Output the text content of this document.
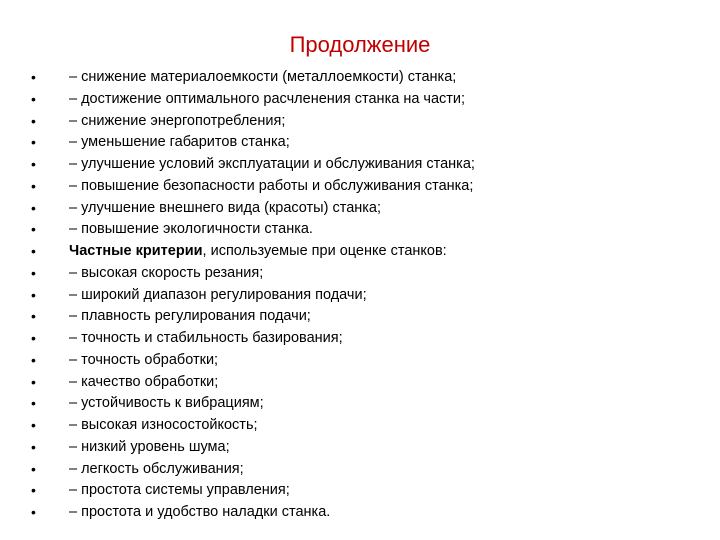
Продолжение
•	– снижение материалоемкости (металлоемкости) станка;
•	– достижение оптимального расчленения станка на части;
•	– снижение энергопотребления;
•	– уменьшение габаритов станка;
•	– улучшение условий эксплуатации и обслуживания станка;
•	– повышение безопасности работы и обслуживания станка;
•	– улучшение внешнего вида (красоты) станка;
•	– повышение экологичности станка.
•	Частные критерии, используемые при оценке станков:
•	– высокая скорость резания;
•	– широкий диапазон регулирования подачи;
•	– плавность регулирования подачи;
•	– точность и стабильность базирования;
•	– точность обработки;
•	– качество обработки;
•	– устойчивость к вибрациям;
•	– высокая износостойкость;
•	– низкий уровень шума;
•	– легкость обслуживания;
•	– простота системы управления;
•	– простота и удобство наладки станка.
